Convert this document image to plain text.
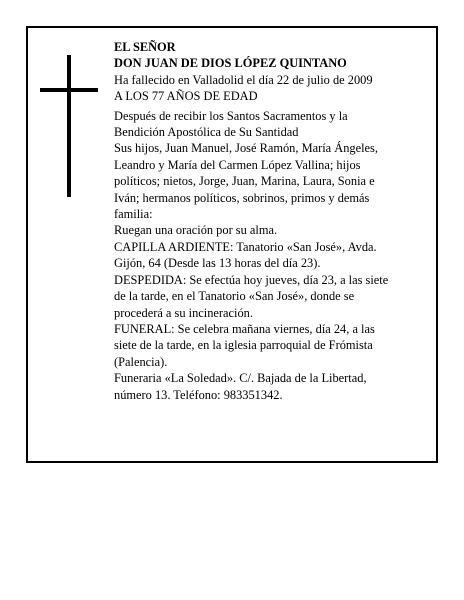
EL SEÑOR
DON JUAN DE DIOS LÓPEZ QUINTANO
Ha fallecido en Valladolid el día 22 de julio de 2009
A LOS 77 AÑOS DE EDAD
Después de recibir los Santos Sacramentos y la
Bendición Apostólica de Su Santidad
Sus hijos, Juan Manuel, José Ramón, María Ángeles,
Leandro y María del Carmen López Vallina; hijos
políticos; nietos, Jorge, Juan, Marina, Laura, Sonia e
Iván; hermanos políticos, sobrinos, primos y demás
familia:
Ruegan una oración por su alma.
CAPILLA ARDIENTE: Tanatorio «San José», Avda.
Gijón, 64 (Desde las 13 horas del día 23).
DESPEDIDA: Se efectúa hoy jueves, día 23, a las siete
de la tarde, en el Tanatorio «San José», donde se
procederá a su incineración.
FUNERAL: Se celebra mañana viernes, día 24, a las
siete de la tarde, en la iglesia parroquial de Frómista
(Palencia).
Funeraria «La Soledad». C/. Bajada de la Libertad,
número 13. Teléfono: 983351342.
